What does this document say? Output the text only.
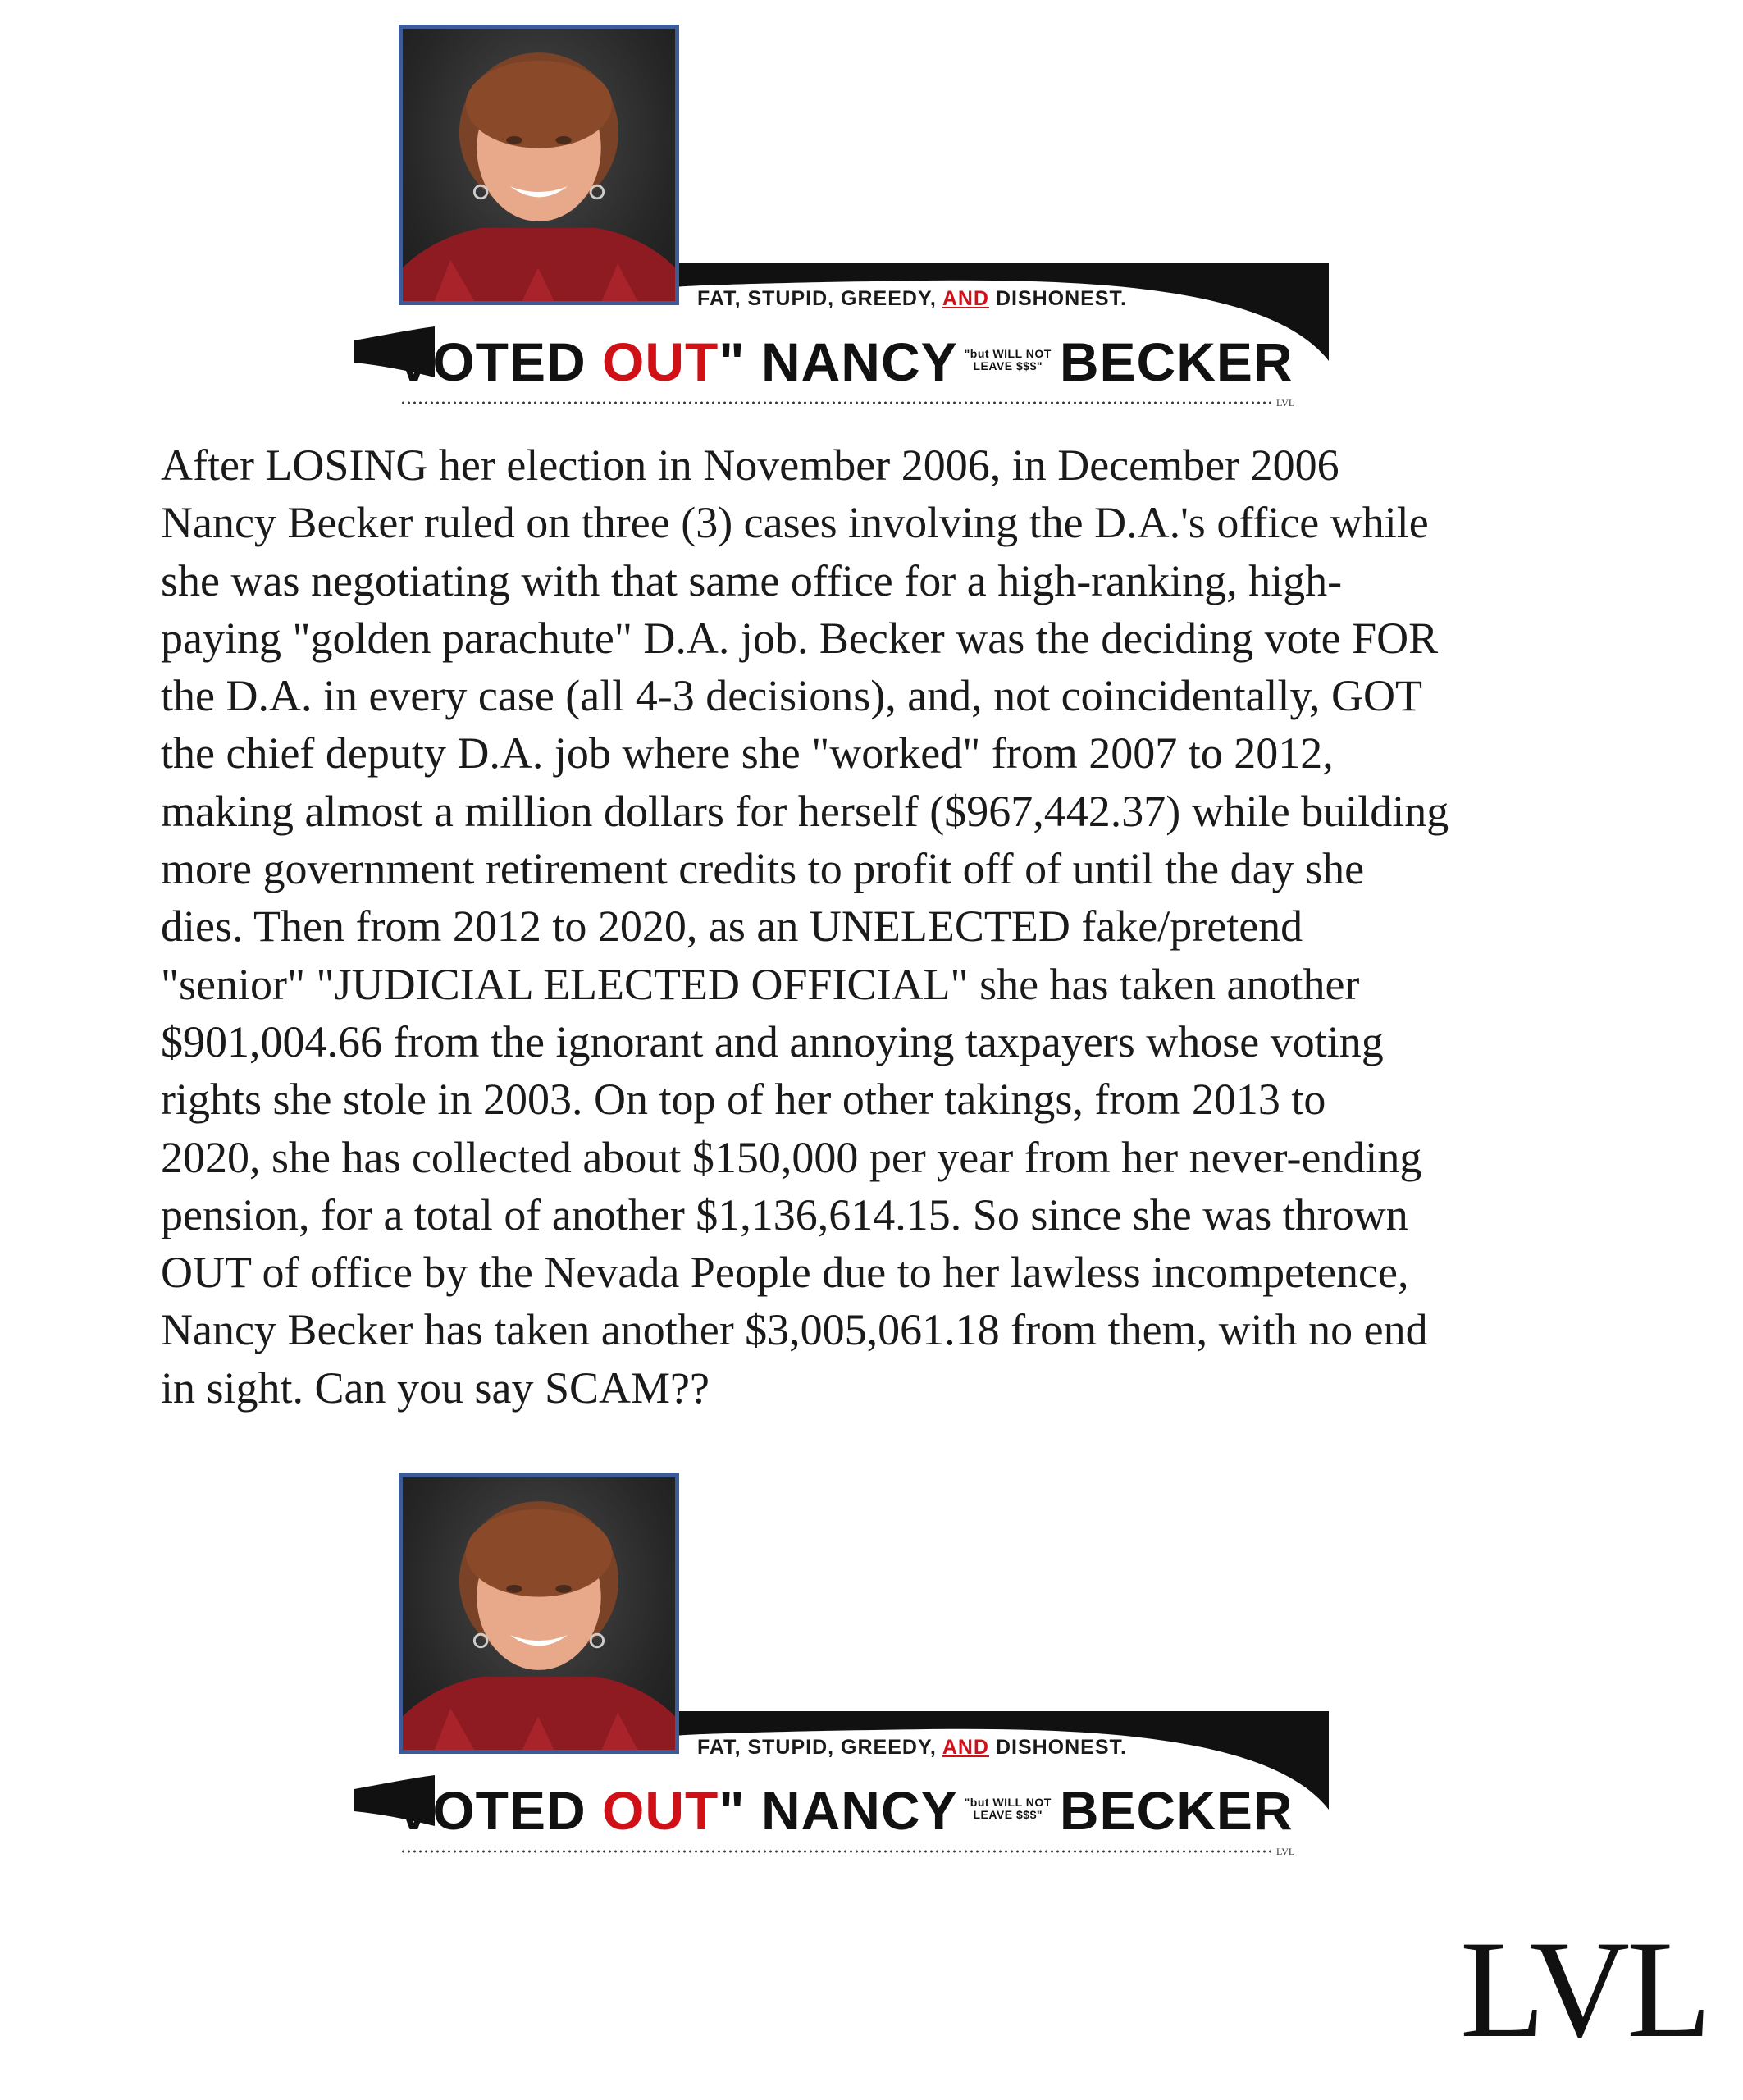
FAT, STUPID, GREEDY, AND DISHONEST.
"VOTED OUT" NANCY "but WILL NOT
LEAVE $$$" BECKER
LVL
After LOSING her election in November 2006, in December 2006
Nancy Becker ruled on three (3) cases involving the D.A.'s office while
she was negotiating with that same office for a high-ranking, high-
paying "golden parachute" D.A. job. Becker was the deciding vote FOR
the D.A. in every case (all 4-3 decisions), and, not coincidentally, GOT
the chief deputy D.A. job where she "worked" from 2007 to 2012,
making almost a million dollars for herself ($967,442.37) while building
more government retirement credits to profit off of until the day she
dies. Then from 2012 to 2020, as an UNELECTED fake/pretend
"senior" "JUDICIAL ELECTED OFFICIAL" she has taken another
$901,004.66 from the ignorant and annoying taxpayers whose voting
rights she stole in 2003. On top of her other takings, from 2013 to
2020, she has collected about $150,000 per year from her never-ending
pension, for a total of another $1,136,614.15. So since she was thrown
OUT of office by the Nevada People due to her lawless incompetence,
Nancy Becker has taken another $3,005,061.18 from them, with no end
in sight. Can you say SCAM??
FAT, STUPID, GREEDY, AND DISHONEST.
"VOTED OUT" NANCY "but WILL NOT
LEAVE $$$" BECKER
LVL
LVL
